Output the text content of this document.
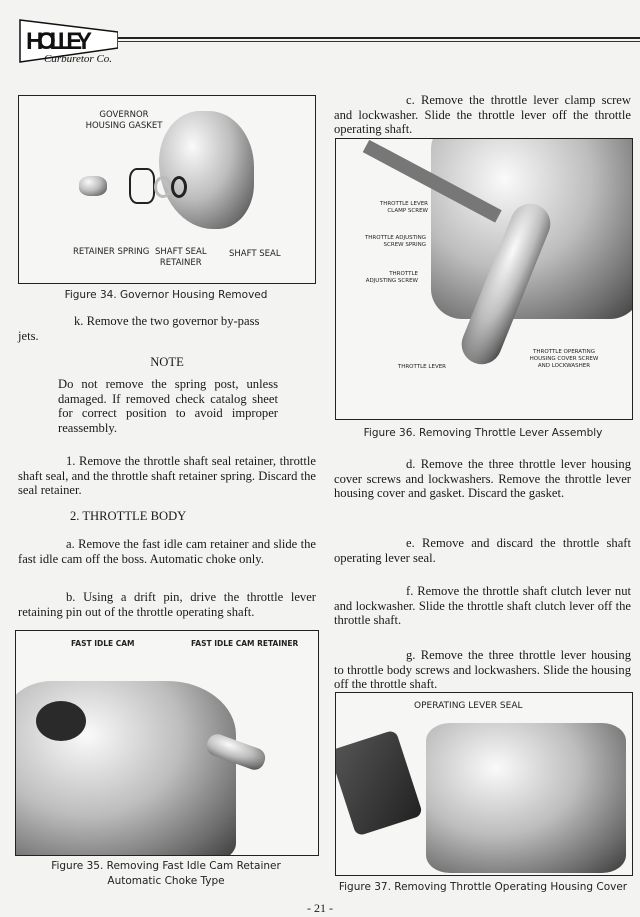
HOLLEY
Carburetor Co.
GOVERNOR
HOUSING GASKET
RETAINER SPRING SHAFT SEAL
RETAINER
SHAFT SEAL
Figure 34. Governor Housing Removed

k. Remove the two governor by-pass

jets.

NOTE
Do not remove the spring post, unless damaged. If removed check catalog sheet for correct position to avoid improper reassembly.
1. Remove the throttle shaft seal retainer, throttle shaft seal, and the throttle shaft retainer spring. Discard the seal retainer.
2. THROTTLE BODY
a. Remove the fast idle cam retainer and slide the fast idle cam off the boss. Automatic choke only.
b. Using a drift pin, drive the throttle lever retaining pin out of the throttle operating shaft.
FAST IDLE CAM	FAST IDLE CAM RETAINER
Figure 35. Removing Fast Idle Cam Retainer
Automatic Choke Type
c. Remove the throttle lever clamp screw and lockwasher. Slide the throttle lever off the throttle operating shaft.
THROTTLE LEVER
CLAMP SCREW
THROTTLE ADJUSTING
SCREW SPRING
THROTTLE
ADJUSTING SCREW
THROTTLE OPERATING
HOUSING COVER SCREW
AND LOCKWASHER
THROTTLE LEVER
Figure 36. Removing Throttle Lever Assembly
d. Remove the three throttle lever housing cover screws and lockwashers. Remove the throttle lever housing cover and gasket. Discard the gasket.
e. Remove and discard the throttle shaft operating lever seal.
f. Remove the throttle shaft clutch lever nut and lockwasher. Slide the throttle shaft clutch lever off the throttle shaft.
g. Remove the three throttle lever housing to throttle body screws and lockwashers. Slide the housing off the throttle shaft.
OPERATING LEVER SEAL
Figure 37. Removing Throttle Operating Housing Cover
- 21 -
